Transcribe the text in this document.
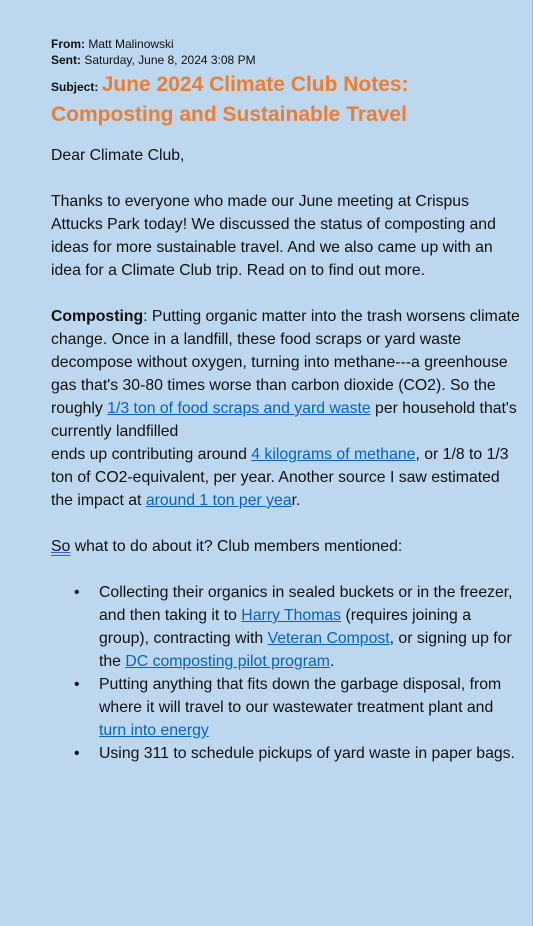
From: Matt Malinowski
Sent: Saturday, June 8, 2024 3:08 PM
Subject: June 2024 Climate Club Notes:
Composting and Sustainable Travel

Dear Climate Club,

Thanks to everyone who made our June meeting at Crispus Attucks Park today! We discussed the status of composting and ideas for more sustainable travel. And we also came up with an idea for a Climate Club trip. Read on to find out more.

Composting: Putting organic matter into the trash worsens climate change. Once in a landfill, these food scraps or yard waste decompose without oxygen, turning into methane---a greenhouse gas that's 30-80 times worse than carbon dioxide (CO2). So the roughly 1/3 ton of food scraps and yard waste per household that's currently landfilled
ends up contributing around 4 kilograms of methane, or 1/8 to 1/3 ton of CO2-equivalent, per year. Another source I saw estimated the impact at around 1 ton per year.

So what to do about it? Club members mentioned:

• Collecting their organics in sealed buckets or in the freezer, and then taking it to Harry Thomas (requires joining a group), contracting with Veteran Compost, or signing up for the DC composting pilot program.
• Putting anything that fits down the garbage disposal, from where it will travel to our wastewater treatment plant and turn into energy
• Using 311 to schedule pickups of yard waste in paper bags.
